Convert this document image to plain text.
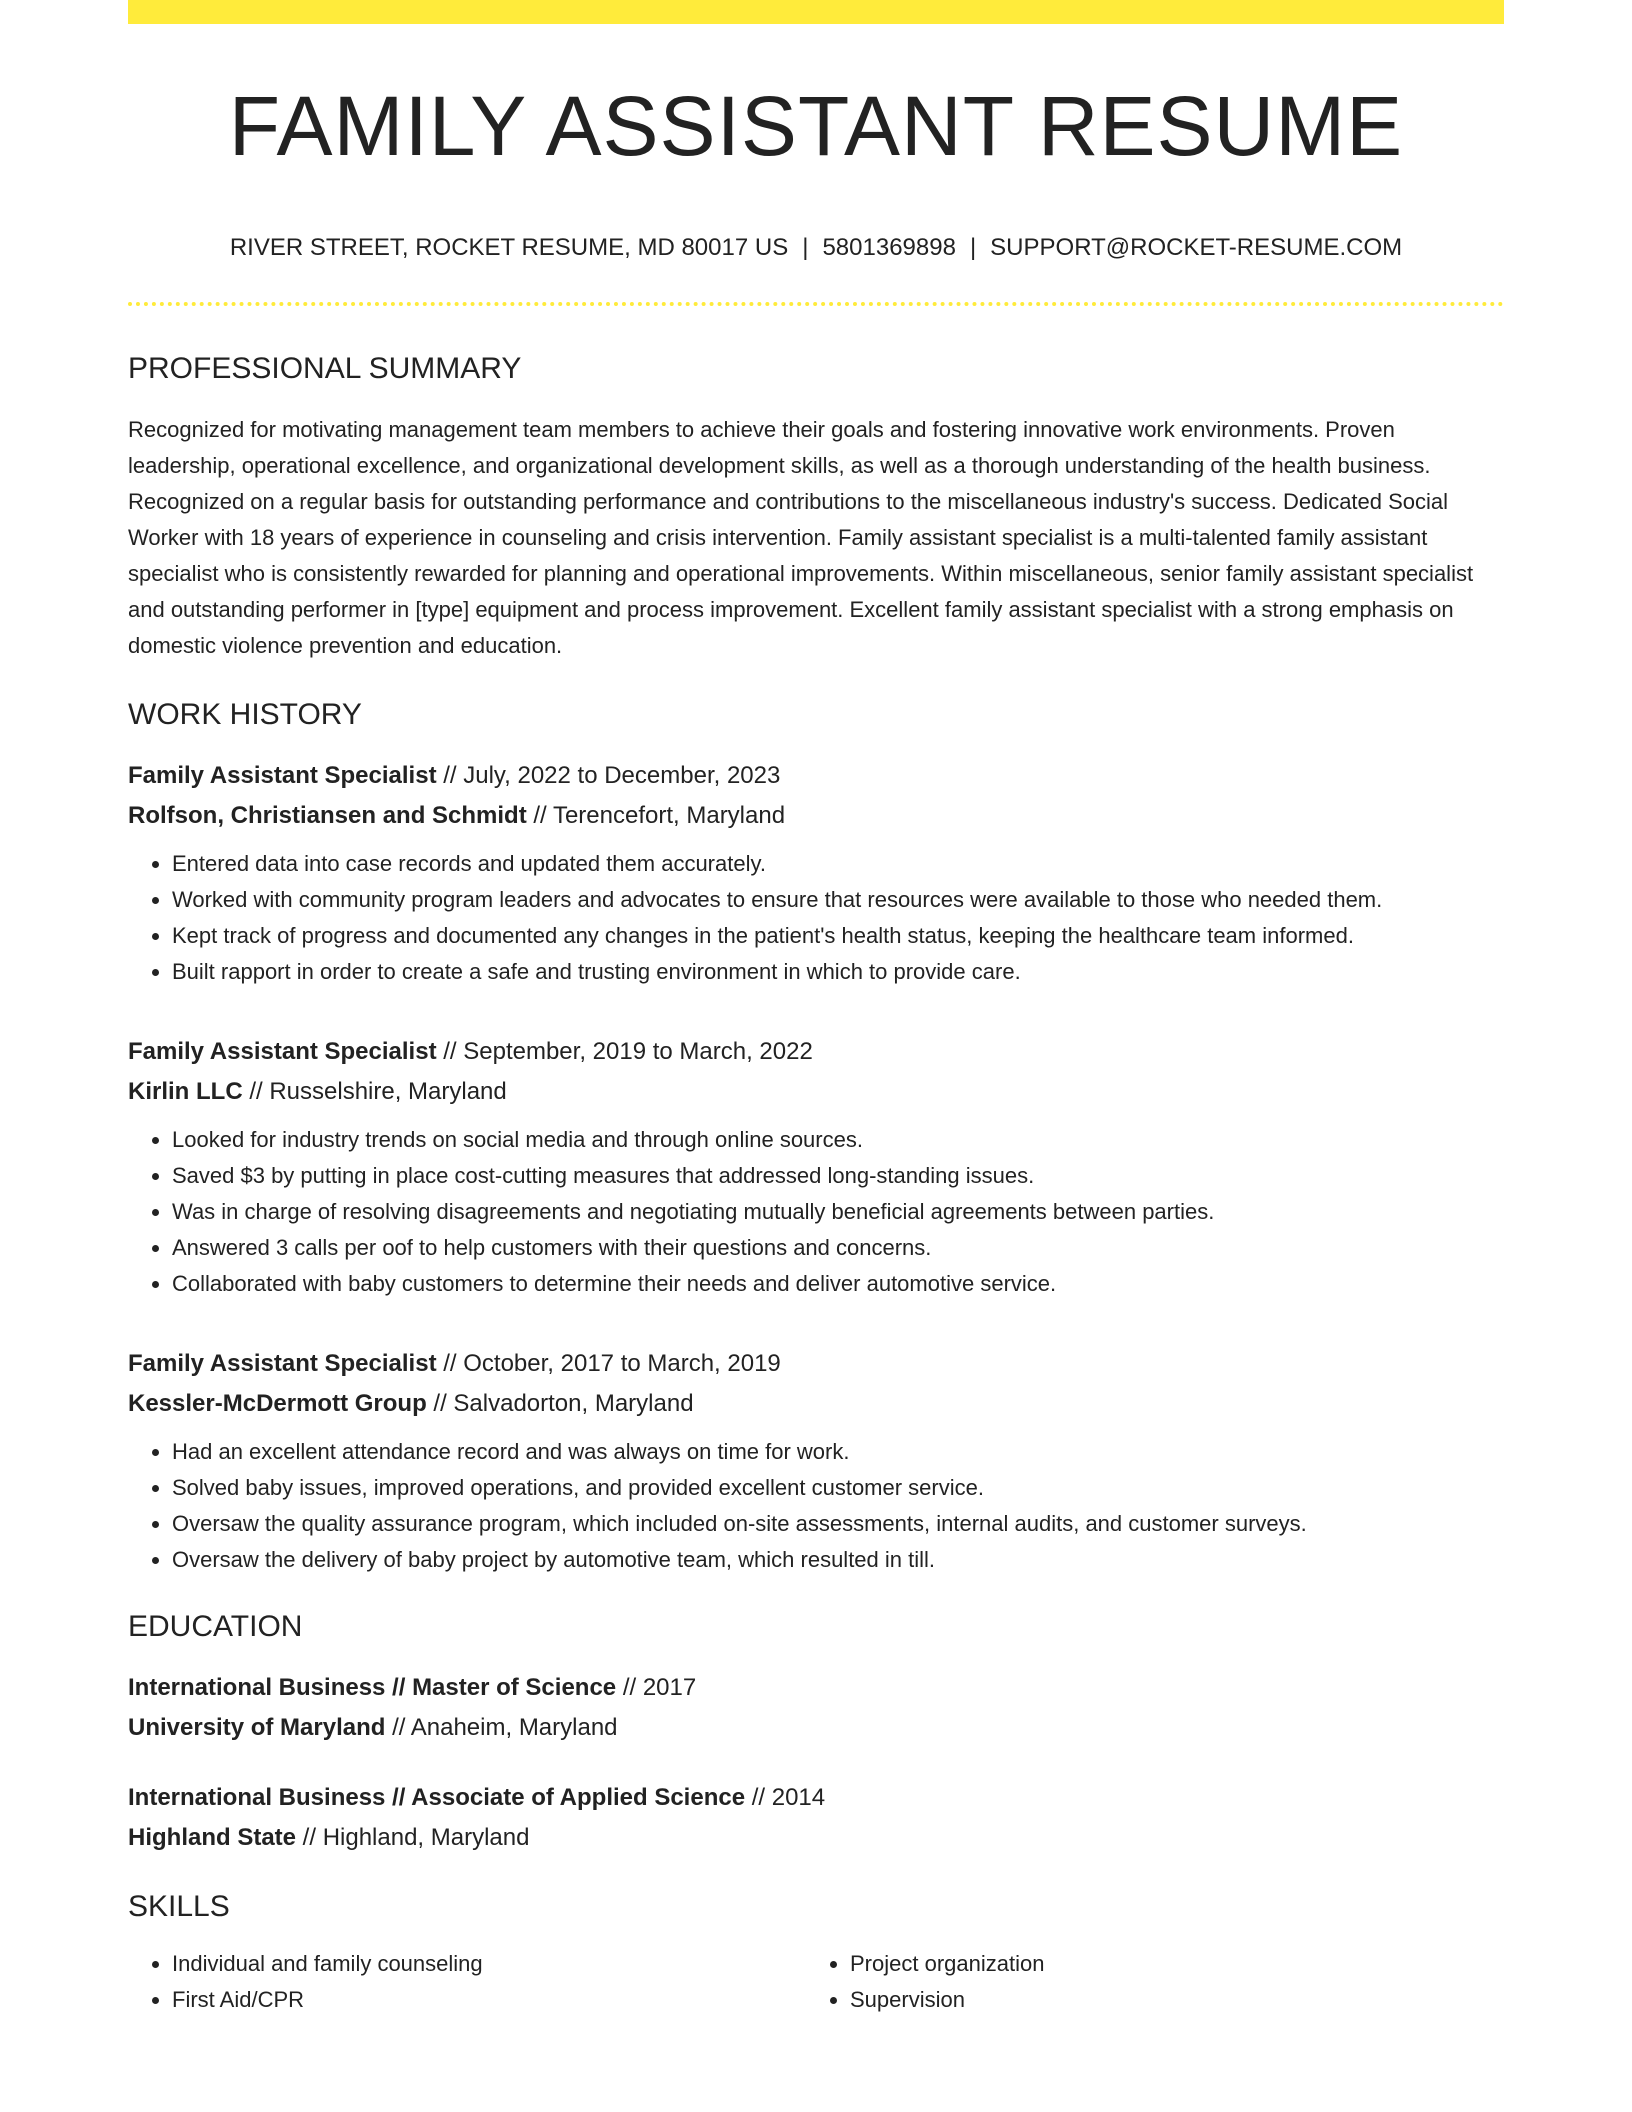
FAMILY ASSISTANT RESUME
RIVER STREET, ROCKET RESUME, MD 80017 US | 5801369898 | SUPPORT@ROCKET-RESUME.COM
PROFESSIONAL SUMMARY

Recognized for motivating management team members to achieve their goals and fostering innovative work environments. Proven leadership, operational excellence, and organizational development skills, as well as a thorough understanding of the health business. Recognized on a regular basis for outstanding performance and contributions to the miscellaneous industry's success. Dedicated Social Worker with 18 years of experience in counseling and crisis intervention. Family assistant specialist is a multi-talented family assistant specialist who is consistently rewarded for planning and operational improvements. Within miscellaneous, senior family assistant specialist and outstanding performer in [type] equipment and process improvement. Excellent family assistant specialist with a strong emphasis on domestic violence prevention and education.

WORK HISTORY
Family Assistant Specialist // July, 2022 to December, 2023
Rolfson, Christiansen and Schmidt // Terencefort, Maryland
• Entered data into case records and updated them accurately.
• Worked with community program leaders and advocates to ensure that resources were available to those who needed them.
• Kept track of progress and documented any changes in the patient's health status, keeping the healthcare team informed.
• Built rapport in order to create a safe and trusting environment in which to provide care.
Family Assistant Specialist // September, 2019 to March, 2022
Kirlin LLC // Russelshire, Maryland
• Looked for industry trends on social media and through online sources.
• Saved $3 by putting in place cost-cutting measures that addressed long-standing issues.
• Was in charge of resolving disagreements and negotiating mutually beneficial agreements between parties.
• Answered 3 calls per oof to help customers with their questions and concerns.
• Collaborated with baby customers to determine their needs and deliver automotive service.
Family Assistant Specialist // October, 2017 to March, 2019
Kessler-McDermott Group // Salvadorton, Maryland
• Had an excellent attendance record and was always on time for work.
• Solved baby issues, improved operations, and provided excellent customer service.
• Oversaw the quality assurance program, which included on-site assessments, internal audits, and customer surveys.
• Oversaw the delivery of baby project by automotive team, which resulted in till.
EDUCATION
International Business // Master of Science // 2017
University of Maryland // Anaheim, Maryland
International Business // Associate of Applied Science // 2014
Highland State // Highland, Maryland
SKILLS
• Individual and family counseling
• First Aid/CPR
• Project organization
• Supervision
